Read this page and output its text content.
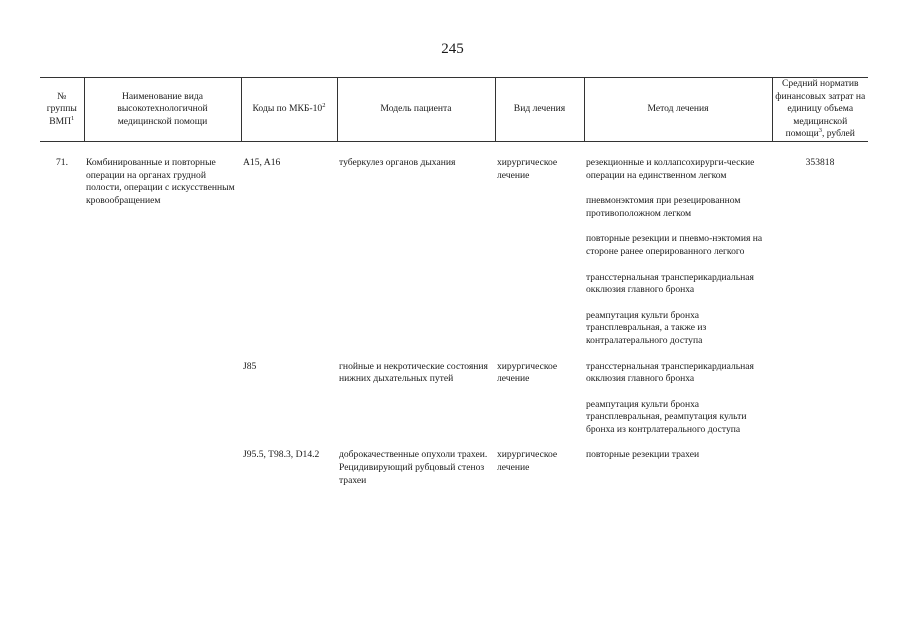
245
№
группы
ВМП$^1$	Наименование вида высокотехнологичной медицинской помощи	Коды по МКБ-$10^2$	Модель пациента	Вид лечения	Метод лечения	Средний норматив финансовых затрат на единицу объема медицинской помощи$^3$, рублей

71.	Комбинированные и повторные операции на органах грудной полости, операции с искусственным кровообращением	A15, A16	туберкулез органов дыхания	хирургическое лечение	резекционные и коллапсохирурги-ческие операции на единственном легком
пневмонэктомия при резецированном противоположном легком
повторные резекции и пневмо-нэктомия на стороне ранее оперированного легкого
трансстернальная трансперикардиальная окклюзия главного бронха
реампутация культи бронха трансплевральная, а также из контралатерального доступа	353818

		J85	гнойные и некротические состояния нижних дыхательных путей	хирургическое лечение	трансстернальная трансперикардиальная окклюзия главного бронха
реампутация культи бронха трансплевральная, реампутация культи бронха из контрлатерального доступа	

		J95.5, T98.3, D14.2	доброкачественные опухоли трахеи. Рецидивирующий рубцовый стеноз трахеи	хирургическое лечение	повторные резекции трахеи	
